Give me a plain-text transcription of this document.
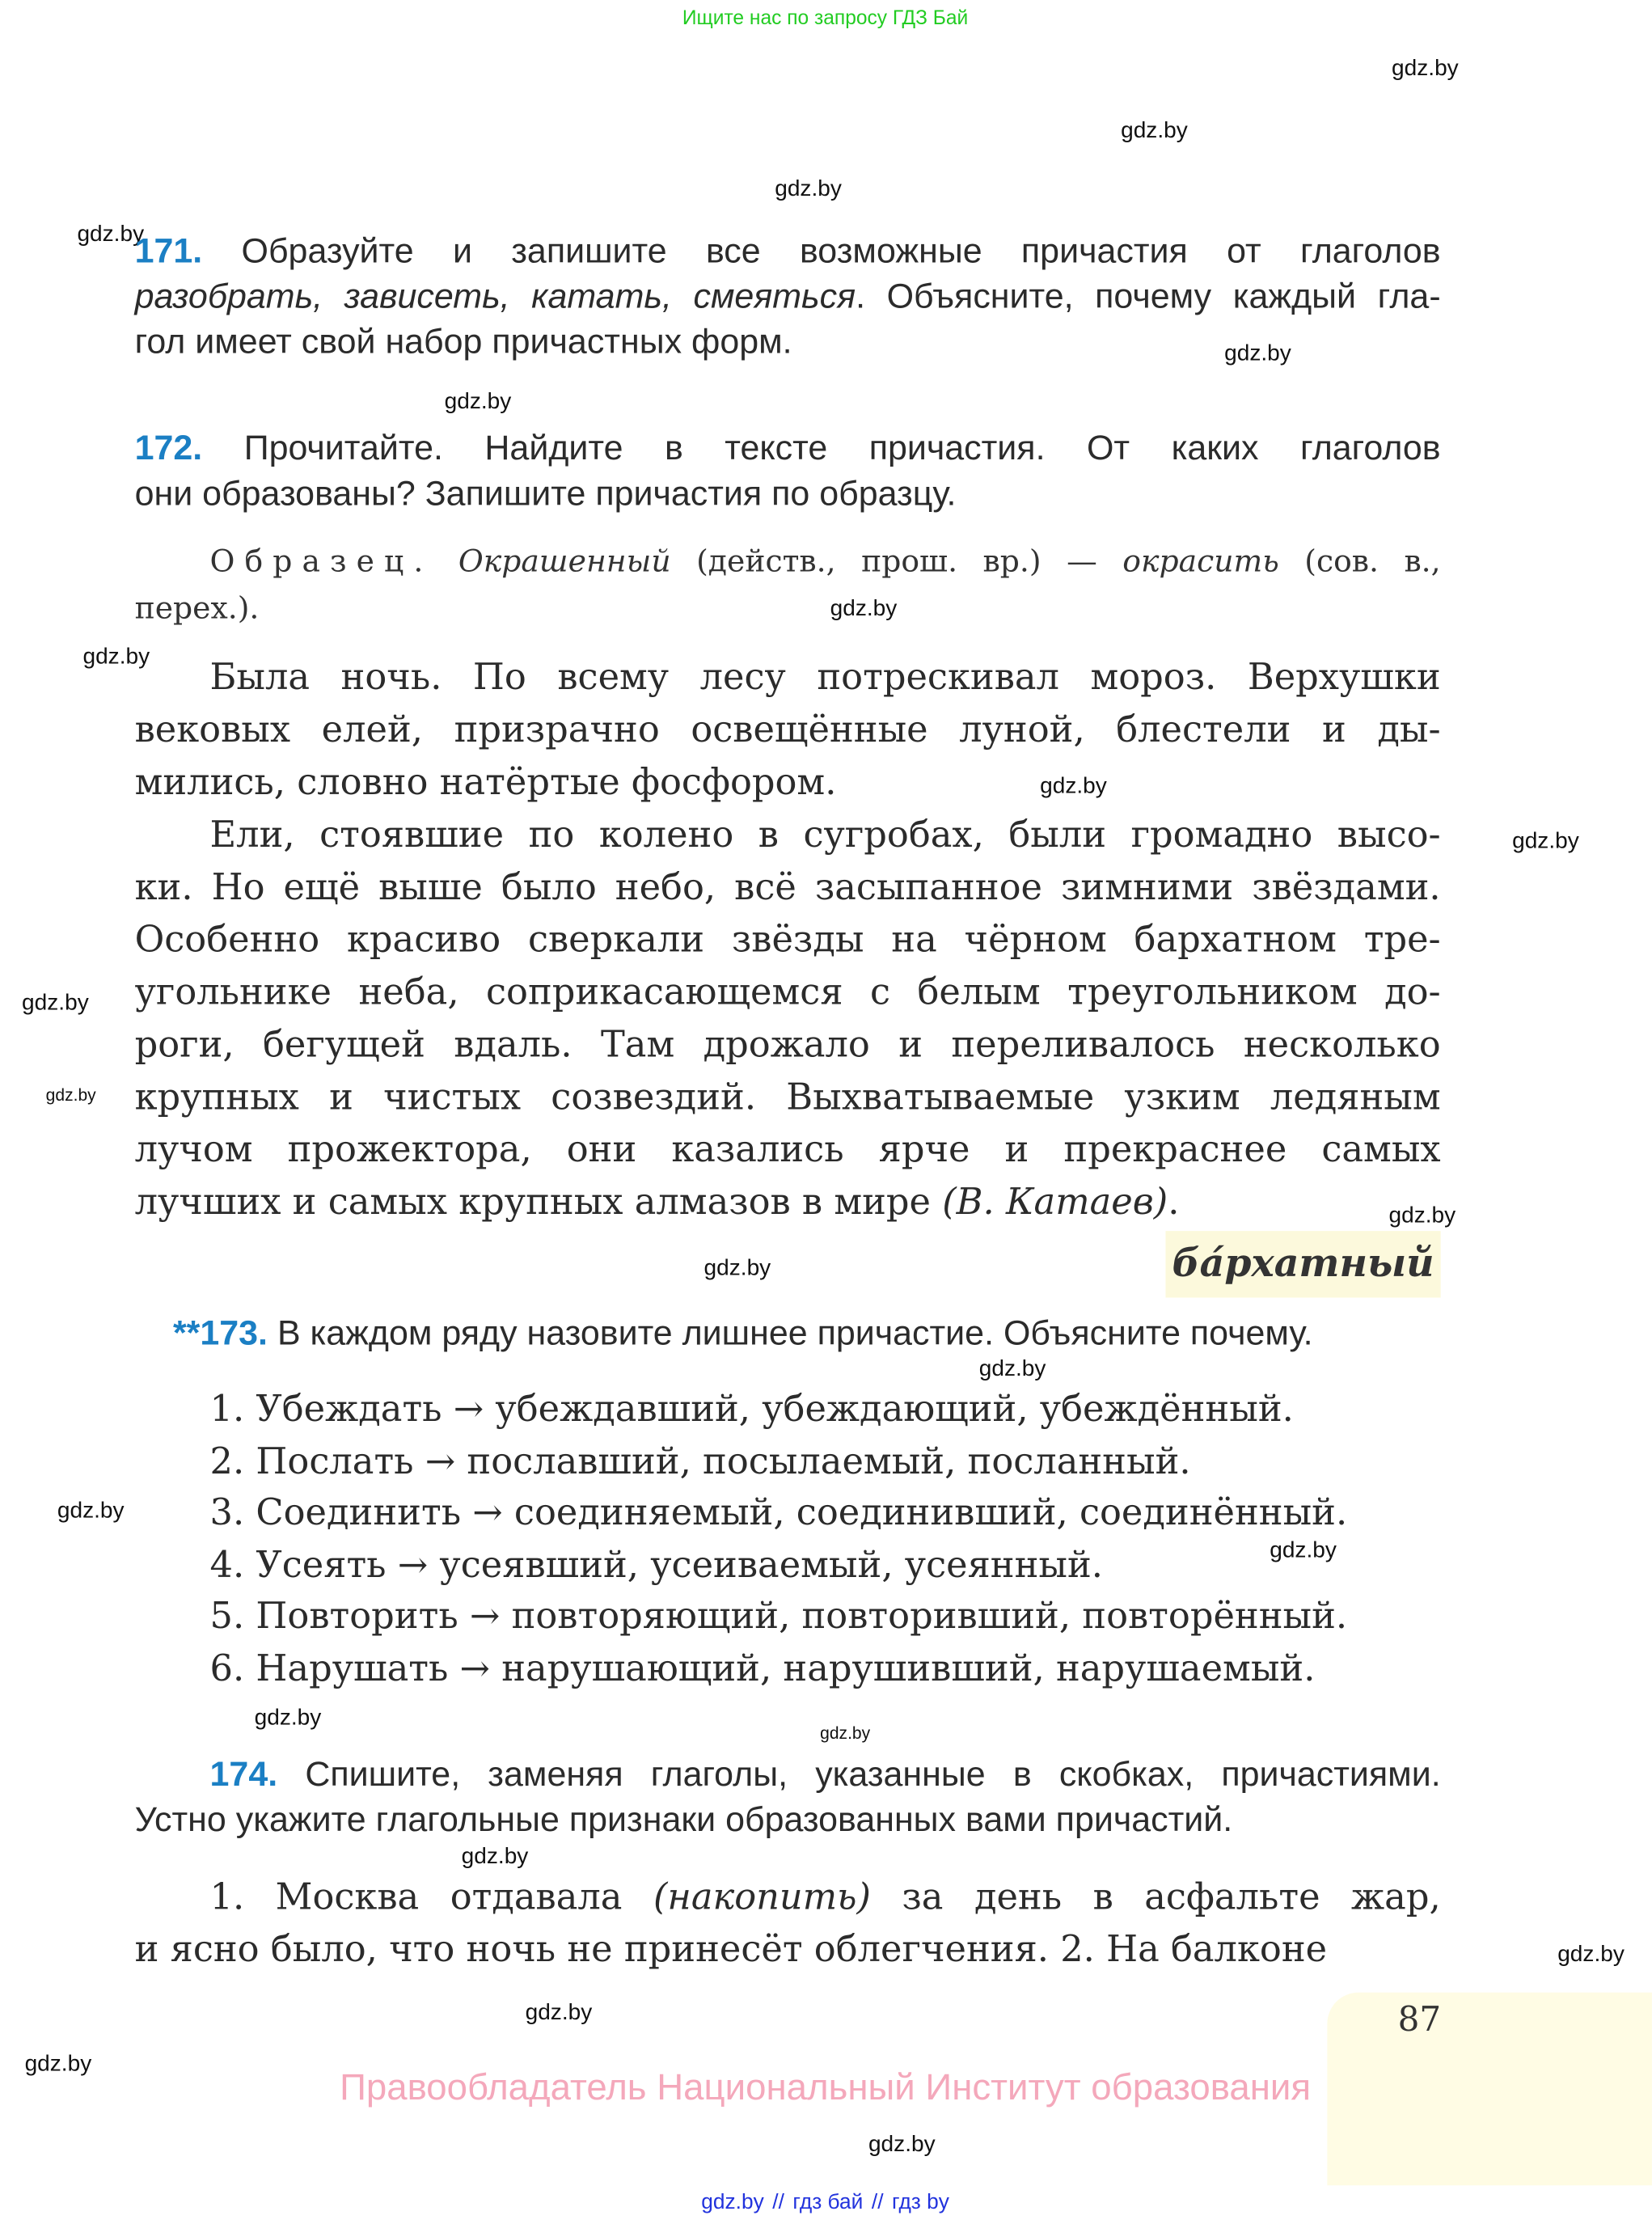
Ищите нас по запросу ГДЗ Бай
gdz.by
gdz.by
gdz.by
gdz.by
gdz.by
gdz.by
gdz.by
gdz.by
gdz.by
gdz.by
gdz.by
gdz.by
gdz.by
gdz.by
gdz.by
gdz.by
gdz.by
gdz.by
gdz.by
gdz.by
gdz.by
gdz.by
gdz.by
gdz.by
171. Образуйте и запишите все возможные причастия от глаголов
разобрать, зависеть, катать, смеяться. Объясните, почему каждый гла-
гол имеет свой набор причастных форм.
172. Прочитайте. Найдите в тексте причастия. От каких глаголов
они образованы? Запишите причастия по образцу.
Образец. Окрашенный (действ., прош. вр.) — окрасить (сов. в.,
перех.).
Была ночь. По всему лесу потрескивал мороз. Верхушки
вековых елей, призрачно освещённые луной, блестели и ды-
мились, словно натёртые фосфором.
Ели, стоявшие по колено в сугробах, были громадно высо-
ки. Но ещё выше было небо, всё засыпанное зимними звёздами.
Особенно красиво сверкали звёзды на чёрном бархатном тре-
угольнике неба, соприкасающемся с белым треугольником до-
роги, бегущей вдаль. Там дрожало и переливалось несколько
крупных и чистых созвездий. Выхватываемые узким ледяным
лучом прожектора, они казались ярче и прекраснее самых
лучших и самых крупных алмазов в мире (В. Катаев).
ба́рхатный
**173. В каждом ряду назовите лишнее причастие. Объясните почему.
1. Убеждать → убеждавший, убеждающий, убеждённый.
2. Послать → пославший, посылаемый, посланный.
3. Соединить → соединяемый, соединивший, соединённый.
4. Усеять → усеявший, усеиваемый, усеянный.
5. Повторить → повторяющий, повторивший, повторённый.
6. Нарушать → нарушающий, нарушивший, нарушаемый.
174. Спишите, заменяя глаголы, указанные в скобках, причастиями.
Устно укажите глагольные признаки образованных вами причастий.
1. Москва отдавала (накопить) за день в асфальте жар,
и ясно было, что ночь не принесёт облегчения. 2. На балконе
87
Правообладатель Национальный Институт образования
gdz.by // гдз бай // гдз by
